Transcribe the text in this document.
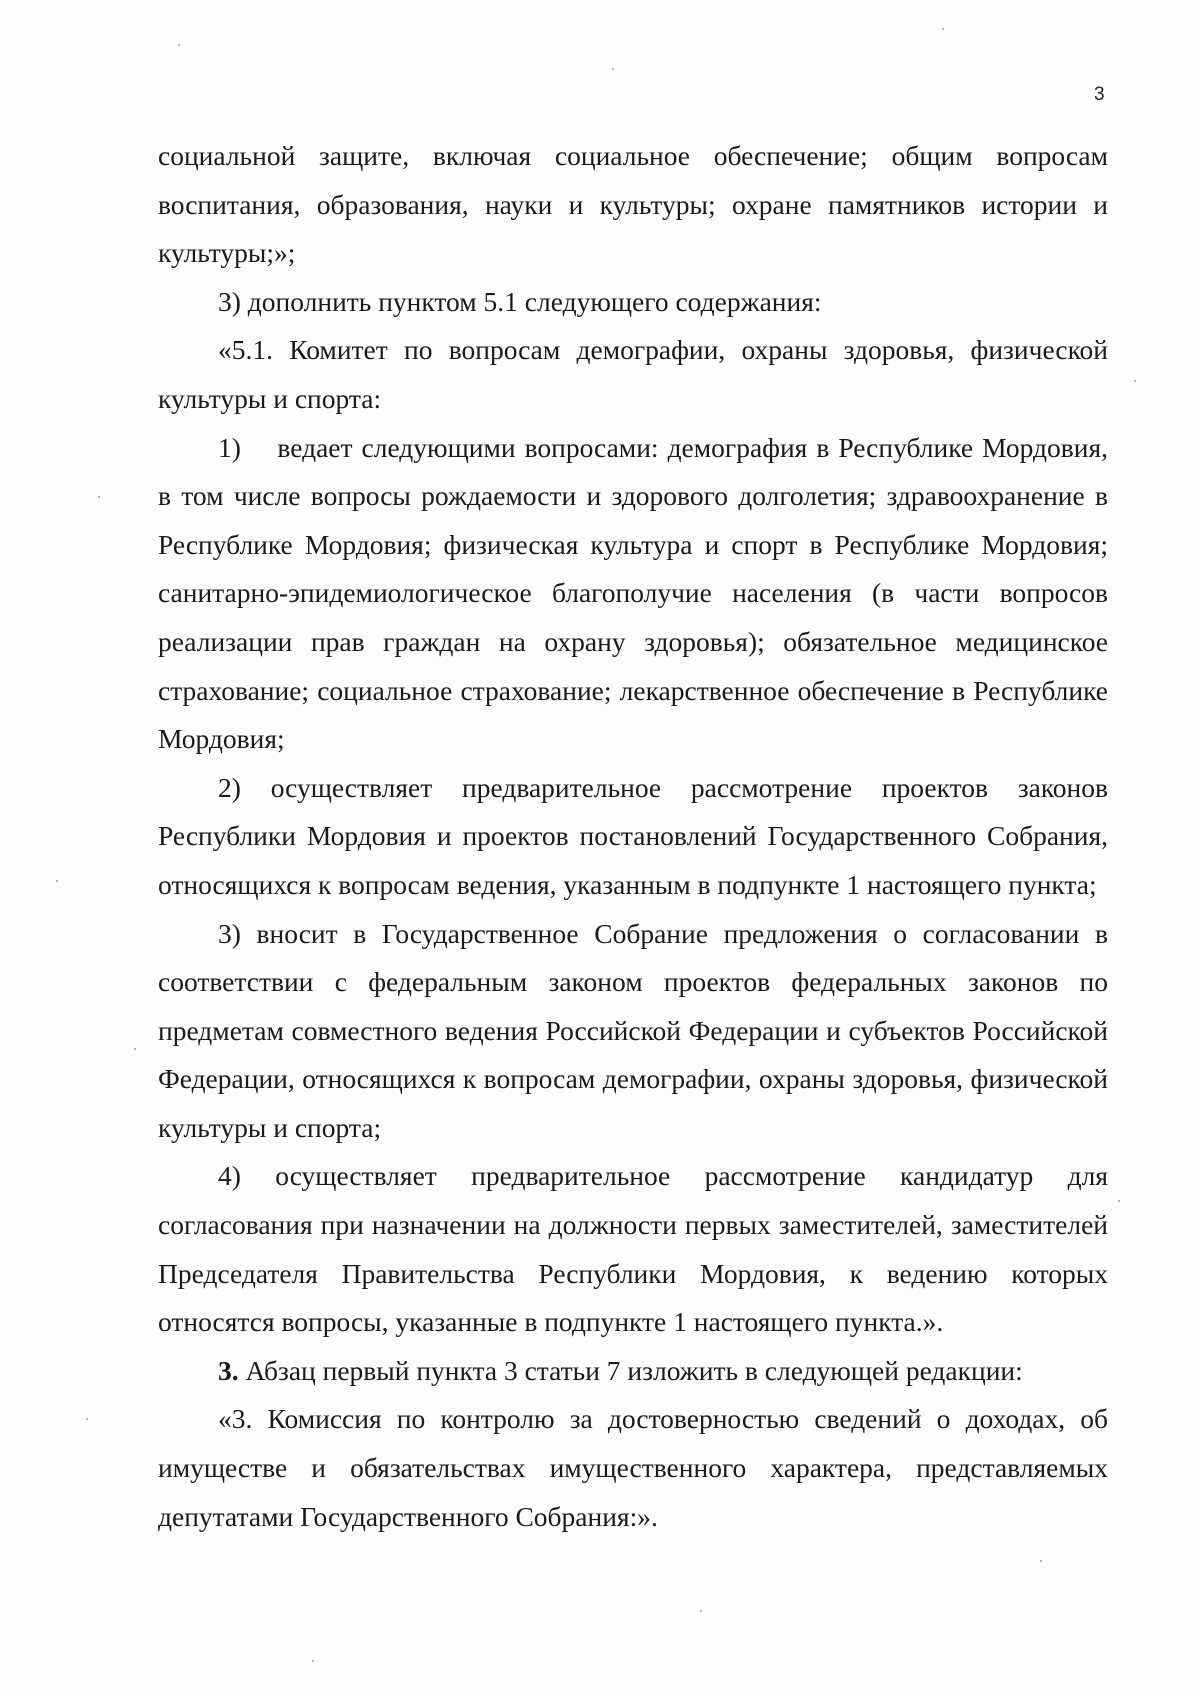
3

социальной защите, включая социальное обеспечение; общим вопросам воспитания, образования, науки и культуры; охране памятников истории и культуры;»;

3) дополнить пунктом 5.1 следующего содержания:

«5.1. Комитет по вопросам демографии, охраны здоровья, физической культуры и спорта:

1)  ведает следующими вопросами: демография в Республике Мордовия, в том числе вопросы рождаемости и здорового долголетия; здравоохранение в Республике Мордовия; физическая культура и спорт в Республике Мордовия; санитарно-эпидемиологическое благополучие населения (в части вопросов реализации прав граждан на охрану здоровья); обязательное медицинское страхование; социальное страхование; лекарственное обеспечение в Республике Мордовия;

2) осуществляет предварительное рассмотрение проектов законов Республики Мордовия и проектов постановлений Государственного Собрания, относящихся к вопросам ведения, указанным в подпункте 1 настоящего пункта;

3) вносит в Государственное Собрание предложения о согласовании в соответствии с федеральным законом проектов федеральных законов по предметам совместного ведения Российской Федерации и субъектов Российской Федерации, относящихся к вопросам демографии, охраны здоровья, физической культуры и спорта;

4) осуществляет предварительное рассмотрение кандидатур для согласования при назначении на должности первых заместителей, заместителей Председателя Правительства Республики Мордовия, к ведению которых относятся вопросы, указанные в подпункте 1 настоящего пункта.».

3. Абзац первый пункта 3 статьи 7 изложить в следующей редакции:

«3. Комиссия по контролю за достоверностью сведений о доходах, об имуществе и обязательствах имущественного характера, представляемых депутатами Государственного Собрания:».
